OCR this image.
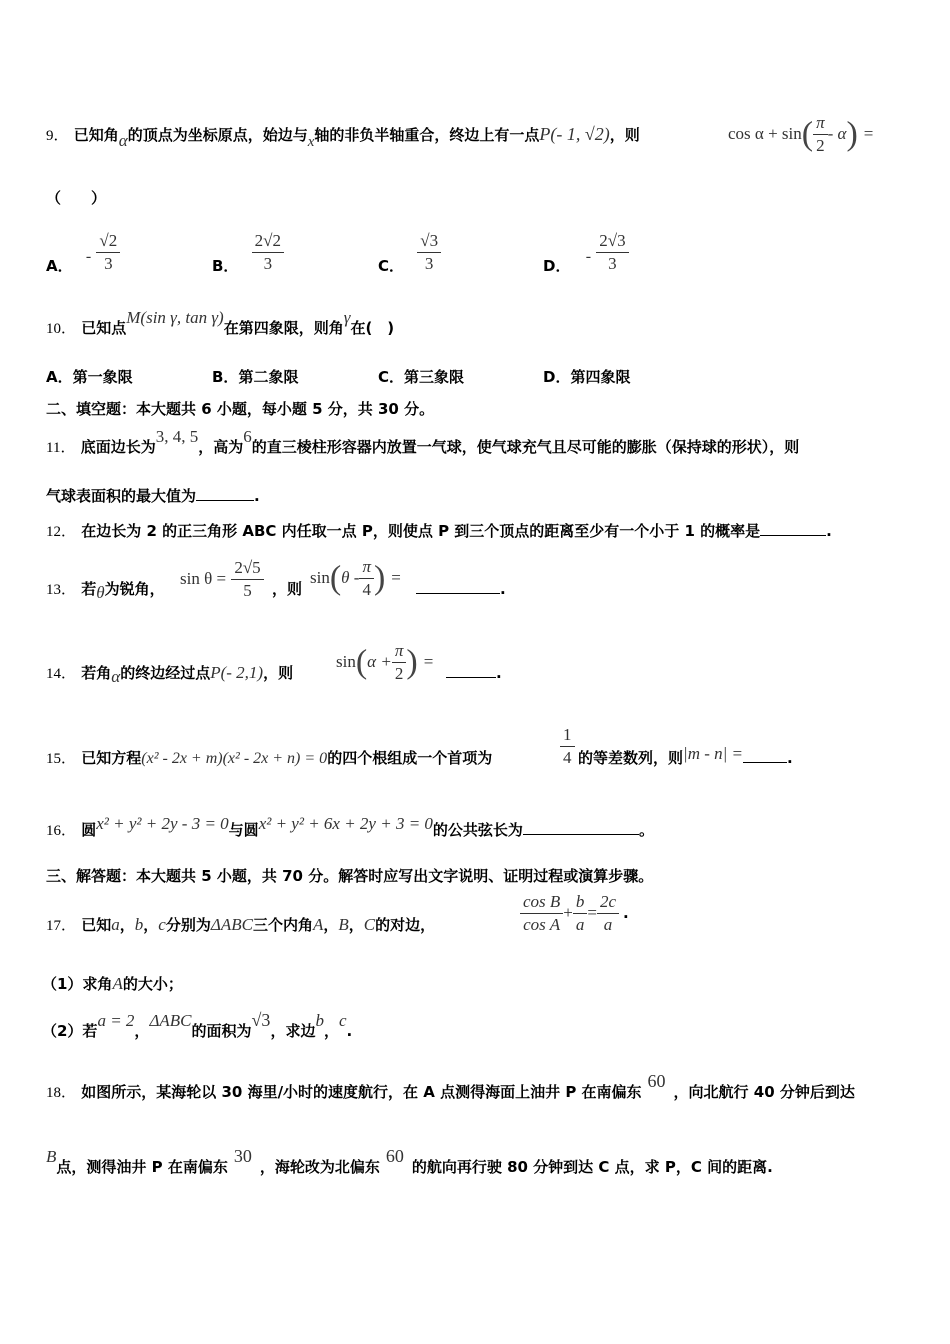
9． 已知角α的顶点为坐标原点，始边与x轴的非负半轴重合，终边上有一点P(- 1, √2)，则	$\cos \alpha + \sin( \frac{\pi}{2} - \alpha)$ =
（　　）
A． - $\frac{√2}{3}$	B． $\frac{2√2}{3}$	C． $\frac{√3}{3}$	D． - $\frac{2√3}{3}$
10． 已知点M(sin γ, tan γ)在第四象限，则角γ在(　)
A．第一象限	B．第二象限	C．第三象限	D．第四象限
二、填空题：本大题共 6 小题，每小题 5 分，共 30 分。
11． 底面边长为3, 4, 5，高为6的直三棱柱形容器内放置一气球，使气球充气且尽可能的膨胀（保持球的形状），则
气球表面积的最大值为	.
12． 在边长为 2 的正三角形 ABC 内任取一点 P，则使点 P 到三个顶点的距离至少有一个小于 1 的概率是	.
13． 若θ为锐角，
$\sin \theta = \frac{2√5}{5}$ ，则
$\sin(\theta - \frac{\pi}{4}$ ) =
.
14． 若角α的终边经过点P(- 2,1)，则
$\sin(\alpha + \frac{\pi}{2}$ ) =
.
15． 已知方程(x² - 2x + m)(x² - 2x + n) = 0的四个根组成一个首项为	$\frac{1}{4}$ 的等差数列，则|m - n| =	.
16． 圆x² + y² + 2y - 3 = 0与圆x² + y² + 6x + 2y + 3 = 0的公共弦长为	。
三、解答题：本大题共 5 小题，共 70 分。解答时应写出文字说明、证明过程或演算步骤。
17． 已知a，b，c分别为ΔABC三个内角A，B，C的对边，	$\frac{\text{cos B}}{\text{cos A}} + \frac{b}{a} = \frac{2c}{a}$ .
（1）求角A的大小；
（2）若a = 2，ΔABC的面积为√3，求边b，c.
18． 如图所示，某海轮以 30 海里/小时的速度航行，在 A 点测得海面上油井 P 在南偏东60，向北航行 40 分钟后到达
B点，测得油井 P 在南偏东30，海轮改为北偏东60的航向再行驶 80 分钟到达 C 点，求 P，C 间的距离.
